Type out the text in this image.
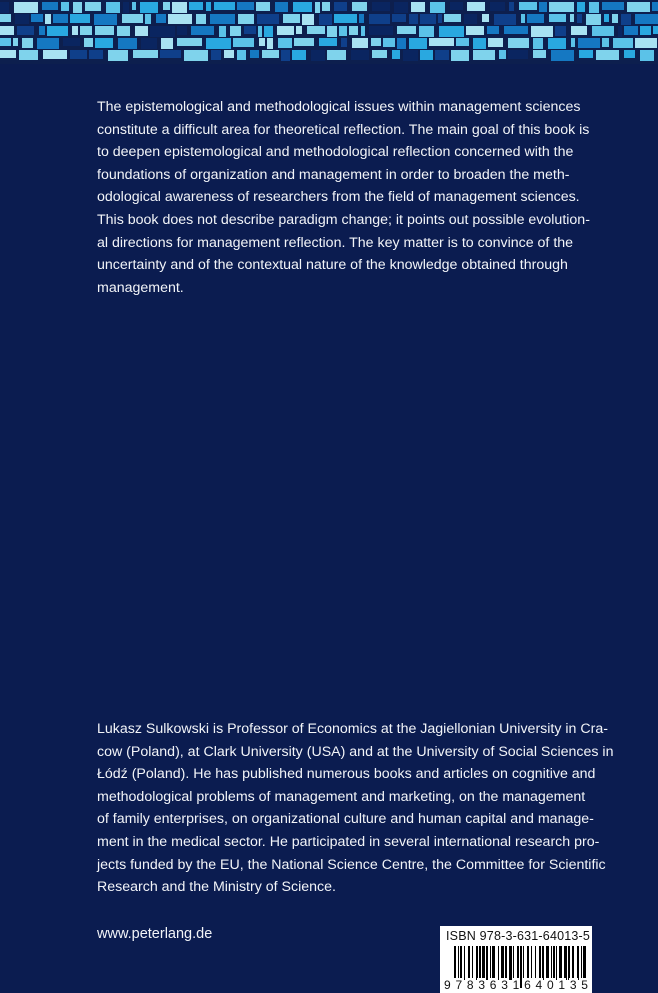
The epistemological and methodological issues within management sciences
constitute a difficult area for theoretical reflection. The main goal of this book is
to deepen epistemological and methodological reflection concerned with the
foundations of organization and management in order to broaden the meth-
odological awareness of researchers from the field of management sciences.
This book does not describe paradigm change; it points out possible evolution-
al directions for management reflection. The key matter is to convince of the
uncertainty and of the contextual nature of the knowledge obtained through
management.
Lukasz Sulkowski is Professor of Economics at the Jagiellonian University in Cra-
cow (Poland), at Clark University (USA) and at the University of Social Sciences in
Łódź (Poland). He has published numerous books and articles on cognitive and
methodological problems of management and marketing, on the management
of family enterprises, on organizational culture and human capital and manage-
ment in the medical sector. He participated in several international research pro-
jects funded by the EU, the National Science Centre, the Committee for Scientific
Research and the Ministry of Science.
www.peterlang.de	ISBN 978-3-631-64013-5
9 7 8 3 6 3 1 6 4 0 1 3 5
